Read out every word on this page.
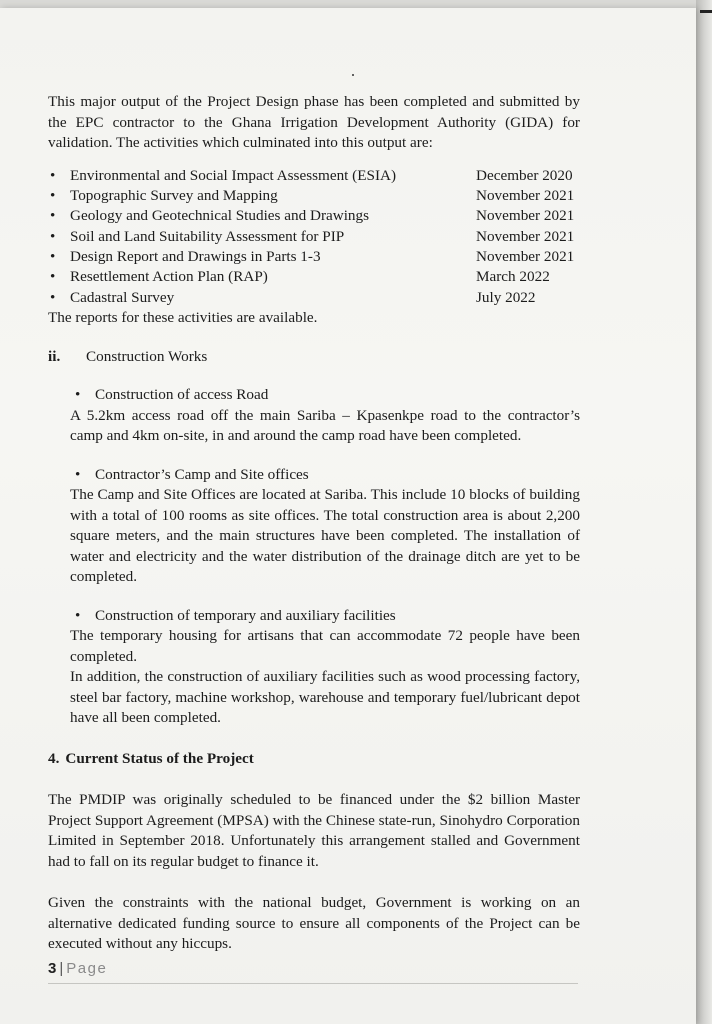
This major output of the Project Design phase has been completed and submitted by the EPC contractor to the Ghana Irrigation Development Authority (GIDA) for validation. The activities which culminated into this output are:

• Environmental and Social Impact Assessment (ESIA)	December 2020
• Topographic Survey and Mapping	November 2021
• Geology and Geotechnical Studies and Drawings	November 2021
• Soil and Land Suitability Assessment for PIP	November 2021
• Design Report and Drawings in Parts 1-3	November 2021
• Resettlement Action Plan (RAP)	March 2022
• Cadastral Survey	July 2022

The reports for these activities are available.

ii.	Construction Works
• Construction of access Road

A 5.2km access road off the main Sariba – Kpasenkpe road to the contractor’s camp and 4km on-site, in and around the camp road have been completed.

• Contractor’s Camp and Site offices

The Camp and Site Offices are located at Sariba. This include 10 blocks of building with a total of 100 rooms as site offices. The total construction area is about 2,200 square meters, and the main structures have been completed. The installation of water and electricity and the water distribution of the drainage ditch are yet to be completed.

• Construction of temporary and auxiliary facilities

The temporary housing for artisans that can accommodate 72 people have been completed.

In addition, the construction of auxiliary facilities such as wood processing factory, steel bar factory, machine workshop, warehouse and temporary fuel/lubricant depot have all been completed.

4. Current Status of the Project

The PMDIP was originally scheduled to be financed under the $2 billion Master Project Support Agreement (MPSA) with the Chinese state-run, Sinohydro Corporation Limited in September 2018. Unfortunately this arrangement stalled and Government had to fall on its regular budget to finance it.

Given the constraints with the national budget, Government is working on an alternative dedicated funding source to ensure all components of the Project can be executed without any hiccups.

3 | Page
